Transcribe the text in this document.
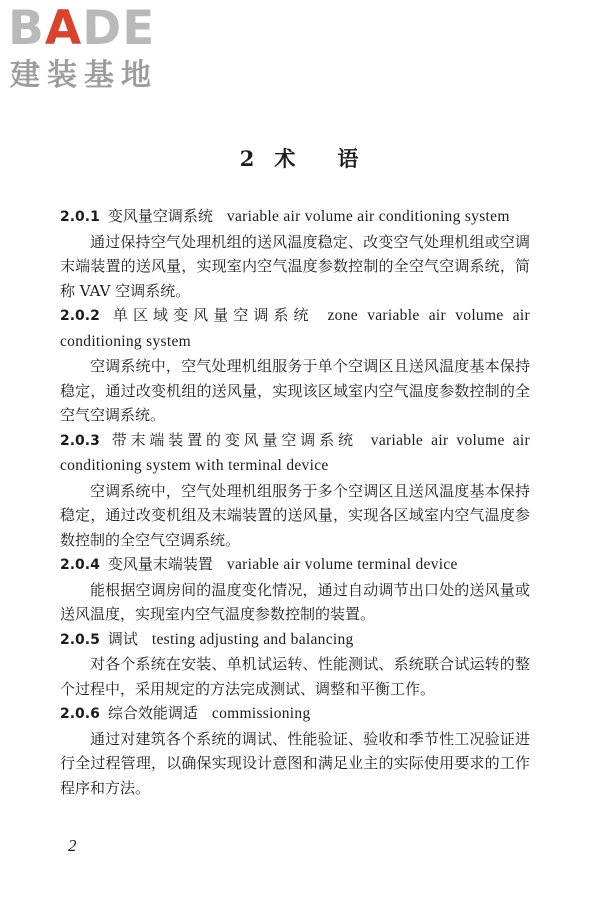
BADE
建装基地
2 术 语

2.0.1 变风量空调系统 variable air volume air conditioning system

通过保持空气处理机组的送风温度稳定、改变空气处理机组或空调末端装置的送风量，实现室内空气温度参数控制的全空气空调系统，简称 VAV 空调系统。

2.0.2 单区域变风量空调系统 zone variable air volume air conditioning system

空调系统中，空气处理机组服务于单个空调区且送风温度基本保持稳定，通过改变机组的送风量，实现该区域室内空气温度参数控制的全空气空调系统。

2.0.3 带末端装置的变风量空调系统 variable air volume air conditioning system with terminal device

空调系统中，空气处理机组服务于多个空调区且送风温度基本保持稳定，通过改变机组及末端装置的送风量，实现各区域室内空气温度参数控制的全空气空调系统。

2.0.4 变风量末端装置 variable air volume terminal device

能根据空调房间的温度变化情况，通过自动调节出口处的送风量或送风温度，实现室内空气温度参数控制的装置。

2.0.5 调试 testing adjusting and balancing

对各个系统在安装、单机试运转、性能测试、系统联合试运转的整个过程中，采用规定的方法完成测试、调整和平衡工作。

2.0.6 综合效能调适 commissioning

通过对建筑各个系统的调试、性能验证、验收和季节性工况验证进行全过程管理，以确保实现设计意图和满足业主的实际使用要求的工作程序和方法。

2
